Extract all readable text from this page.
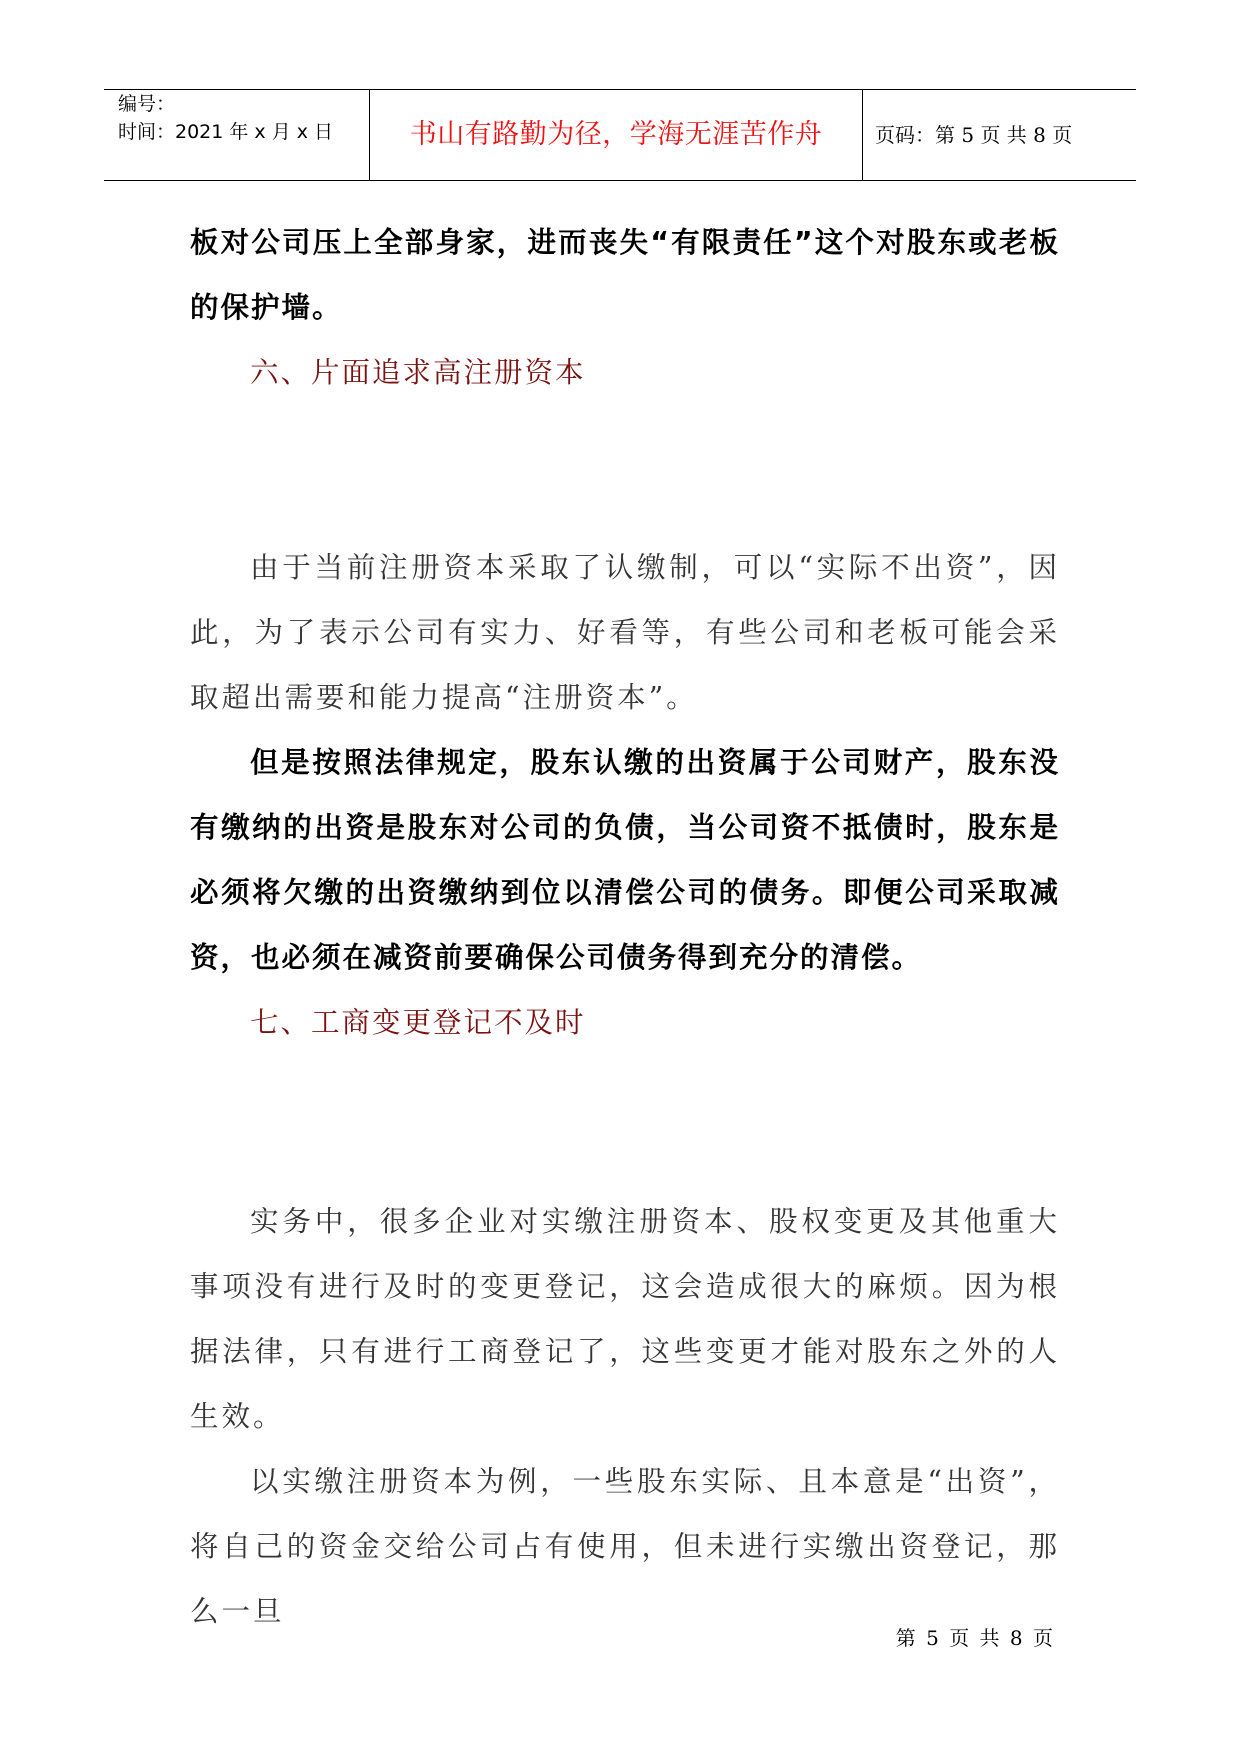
编号：
时间：2021 年 x 月 x 日	书山有路勤为径，学海无涯苦作舟	页码：第 5 页 共 8 页

板对公司压上全部身家，进而丧失“有限责任”这个对股东或老板的保护墙。

六、片面追求高注册资本

由于当前注册资本采取了认缴制，可以“实际不出资”，因此，为了表示公司有实力、好看等，有些公司和老板可能会采取超出需要和能力提高“注册资本”。

但是按照法律规定，股东认缴的出资属于公司财产，股东没有缴纳的出资是股东对公司的负债，当公司资不抵债时，股东是必须将欠缴的出资缴纳到位以清偿公司的债务。即便公司采取减资，也必须在减资前要确保公司债务得到充分的清偿。

七、工商变更登记不及时

实务中，很多企业对实缴注册资本、股权变更及其他重大事项没有进行及时的变更登记，这会造成很大的麻烦。因为根据法律，只有进行工商登记了，这些变更才能对股东之外的人生效。

以实缴注册资本为例，一些股东实际、且本意是“出资”，将自己的资金交给公司占有使用，但未进行实缴出资登记，那么一旦

第 5 页 共 8 页
